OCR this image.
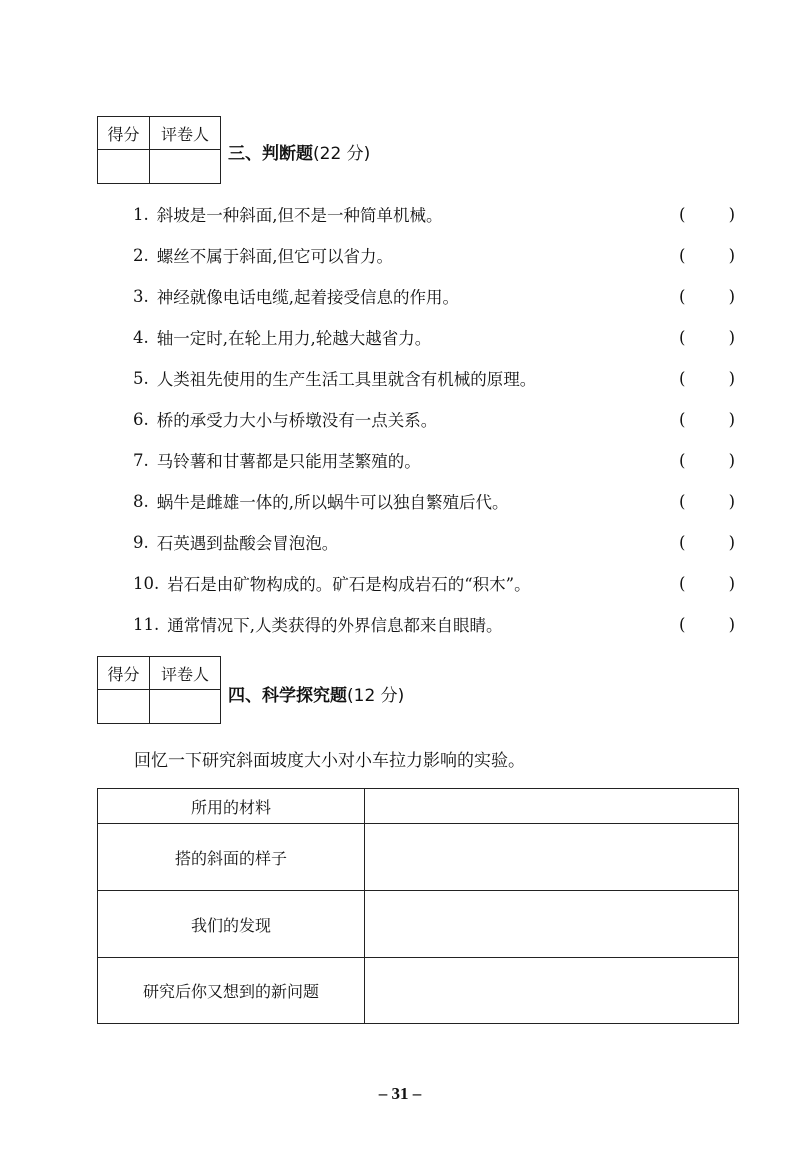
得分	评卷人
三、判断题(22 分)
1. 斜坡是一种斜面,但不是一种简单机械。	(	)
2. 螺丝不属于斜面,但它可以省力。	(	)
3. 神经就像电话电缆,起着接受信息的作用。	(	)
4. 轴一定时,在轮上用力,轮越大越省力。	(	)
5. 人类祖先使用的生产生活工具里就含有机械的原理。	(	)
6. 桥的承受力大小与桥墩没有一点关系。	(	)
7. 马铃薯和甘薯都是只能用茎繁殖的。	(	)
8. 蜗牛是雌雄一体的,所以蜗牛可以独自繁殖后代。	(	)
9. 石英遇到盐酸会冒泡泡。	(	)
10. 岩石是由矿物构成的。矿石是构成岩石的“积木”。	(	)
11. 通常情况下,人类获得的外界信息都来自眼睛。	(	)
得分	评卷人
四、科学探究题(12 分)
回忆一下研究斜面坡度大小对小车拉力影响的实验。
所用的材料	
搭的斜面的样子	
我们的发现	
研究后你又想到的新问题	
– 31 –
